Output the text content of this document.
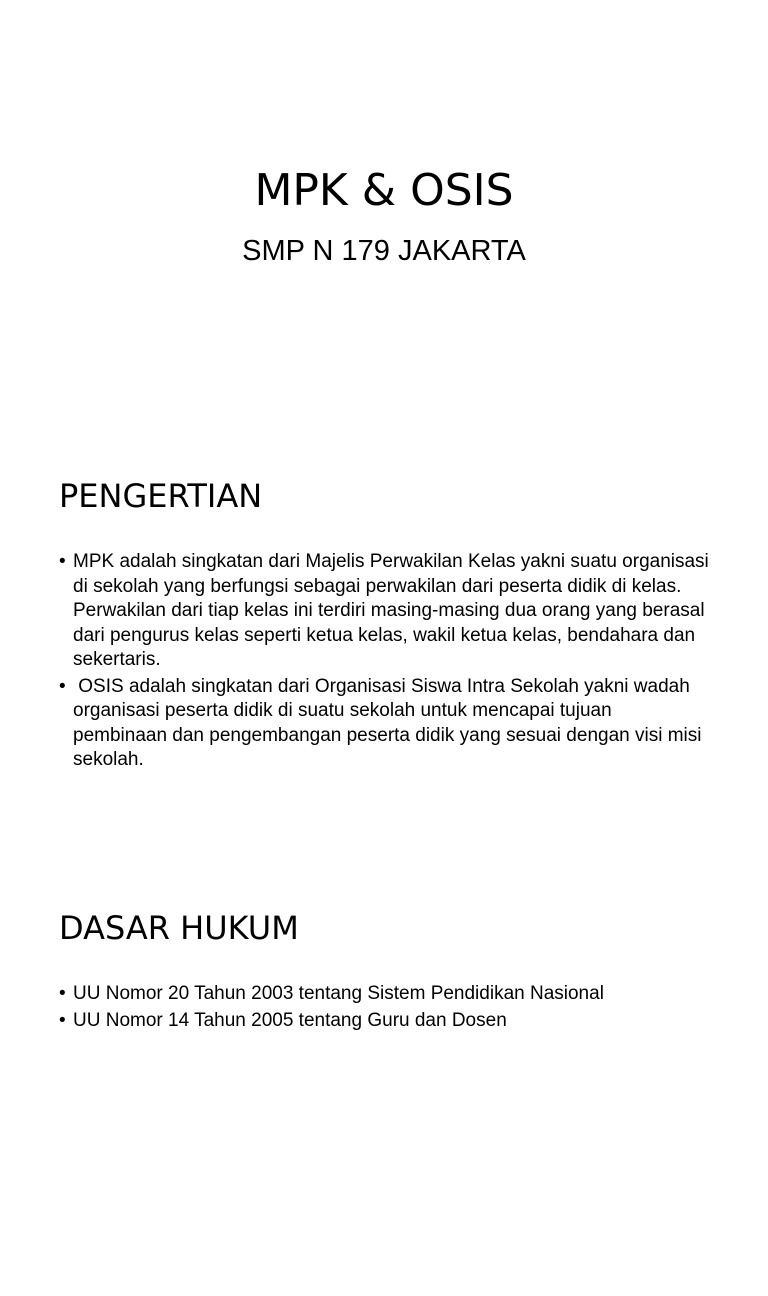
MPK & OSIS
SMP N 179 JAKARTA
PENGERTIAN
• MPK adalah singkatan dari Majelis Perwakilan Kelas yakni suatu organisasi di sekolah yang berfungsi sebagai perwakilan dari peserta didik di kelas. Perwakilan dari tiap kelas ini terdiri masing-masing dua orang yang berasal dari pengurus kelas seperti ketua kelas, wakil ketua kelas, bendahara dan sekertaris.
• OSIS adalah singkatan dari Organisasi Siswa Intra Sekolah yakni wadah organisasi peserta didik di suatu sekolah untuk mencapai tujuan pembinaan dan pengembangan peserta didik yang sesuai dengan visi misi sekolah.
DASAR HUKUM
• UU Nomor 20 Tahun 2003 tentang Sistem Pendidikan Nasional
• UU Nomor 14 Tahun 2005 tentang Guru dan Dosen
